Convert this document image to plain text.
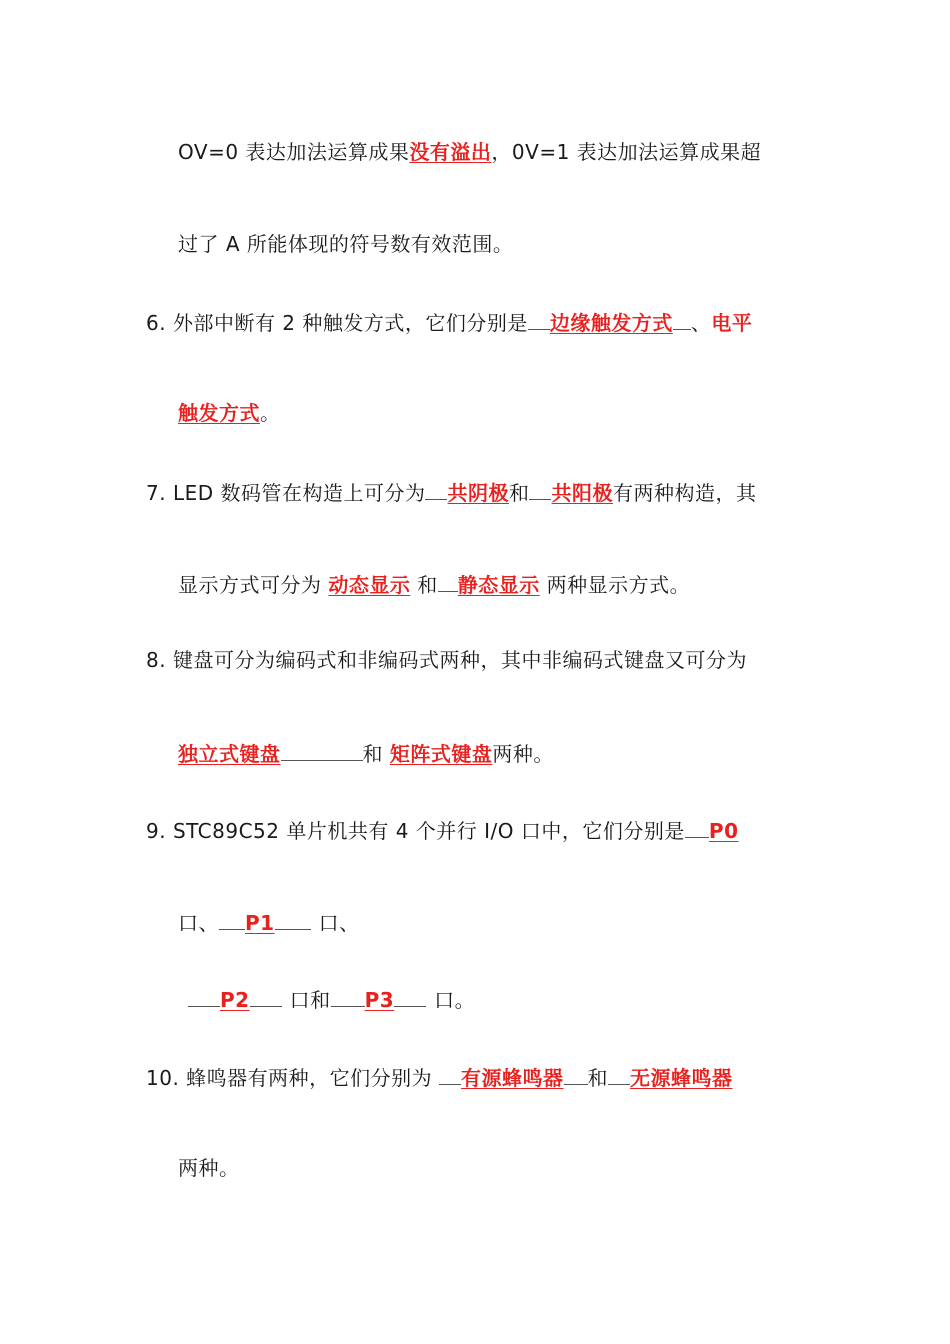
OV=0 表达加法运算成果没有溢出，0V=1 表达加法运算成果超
过了 A 所能体现的符号数有效范围。
6. 外部中断有 2 种触发方式，它们分别是 边缘触发方式 、电平
触发方式。
7. LED 数码管在构造上可分为 共阴极和 共阳极有两种构造，其
显示方式可分为 动态显示 和 静态显示 两种显示方式。
8. 键盘可分为编码式和非编码式两种，其中非编码式键盘又可分为
独立式键盘	和 矩阵式键盘两种。
9. STC89C52 单片机共有 4 个并行 I/O 口中，它们分别是 P0
口、 P1 口、
P2 口和 P3 口。
10. 蜂鸣器有两种，它们分别为 有源蜂鸣器 和 无源蜂鸣器
两种。
